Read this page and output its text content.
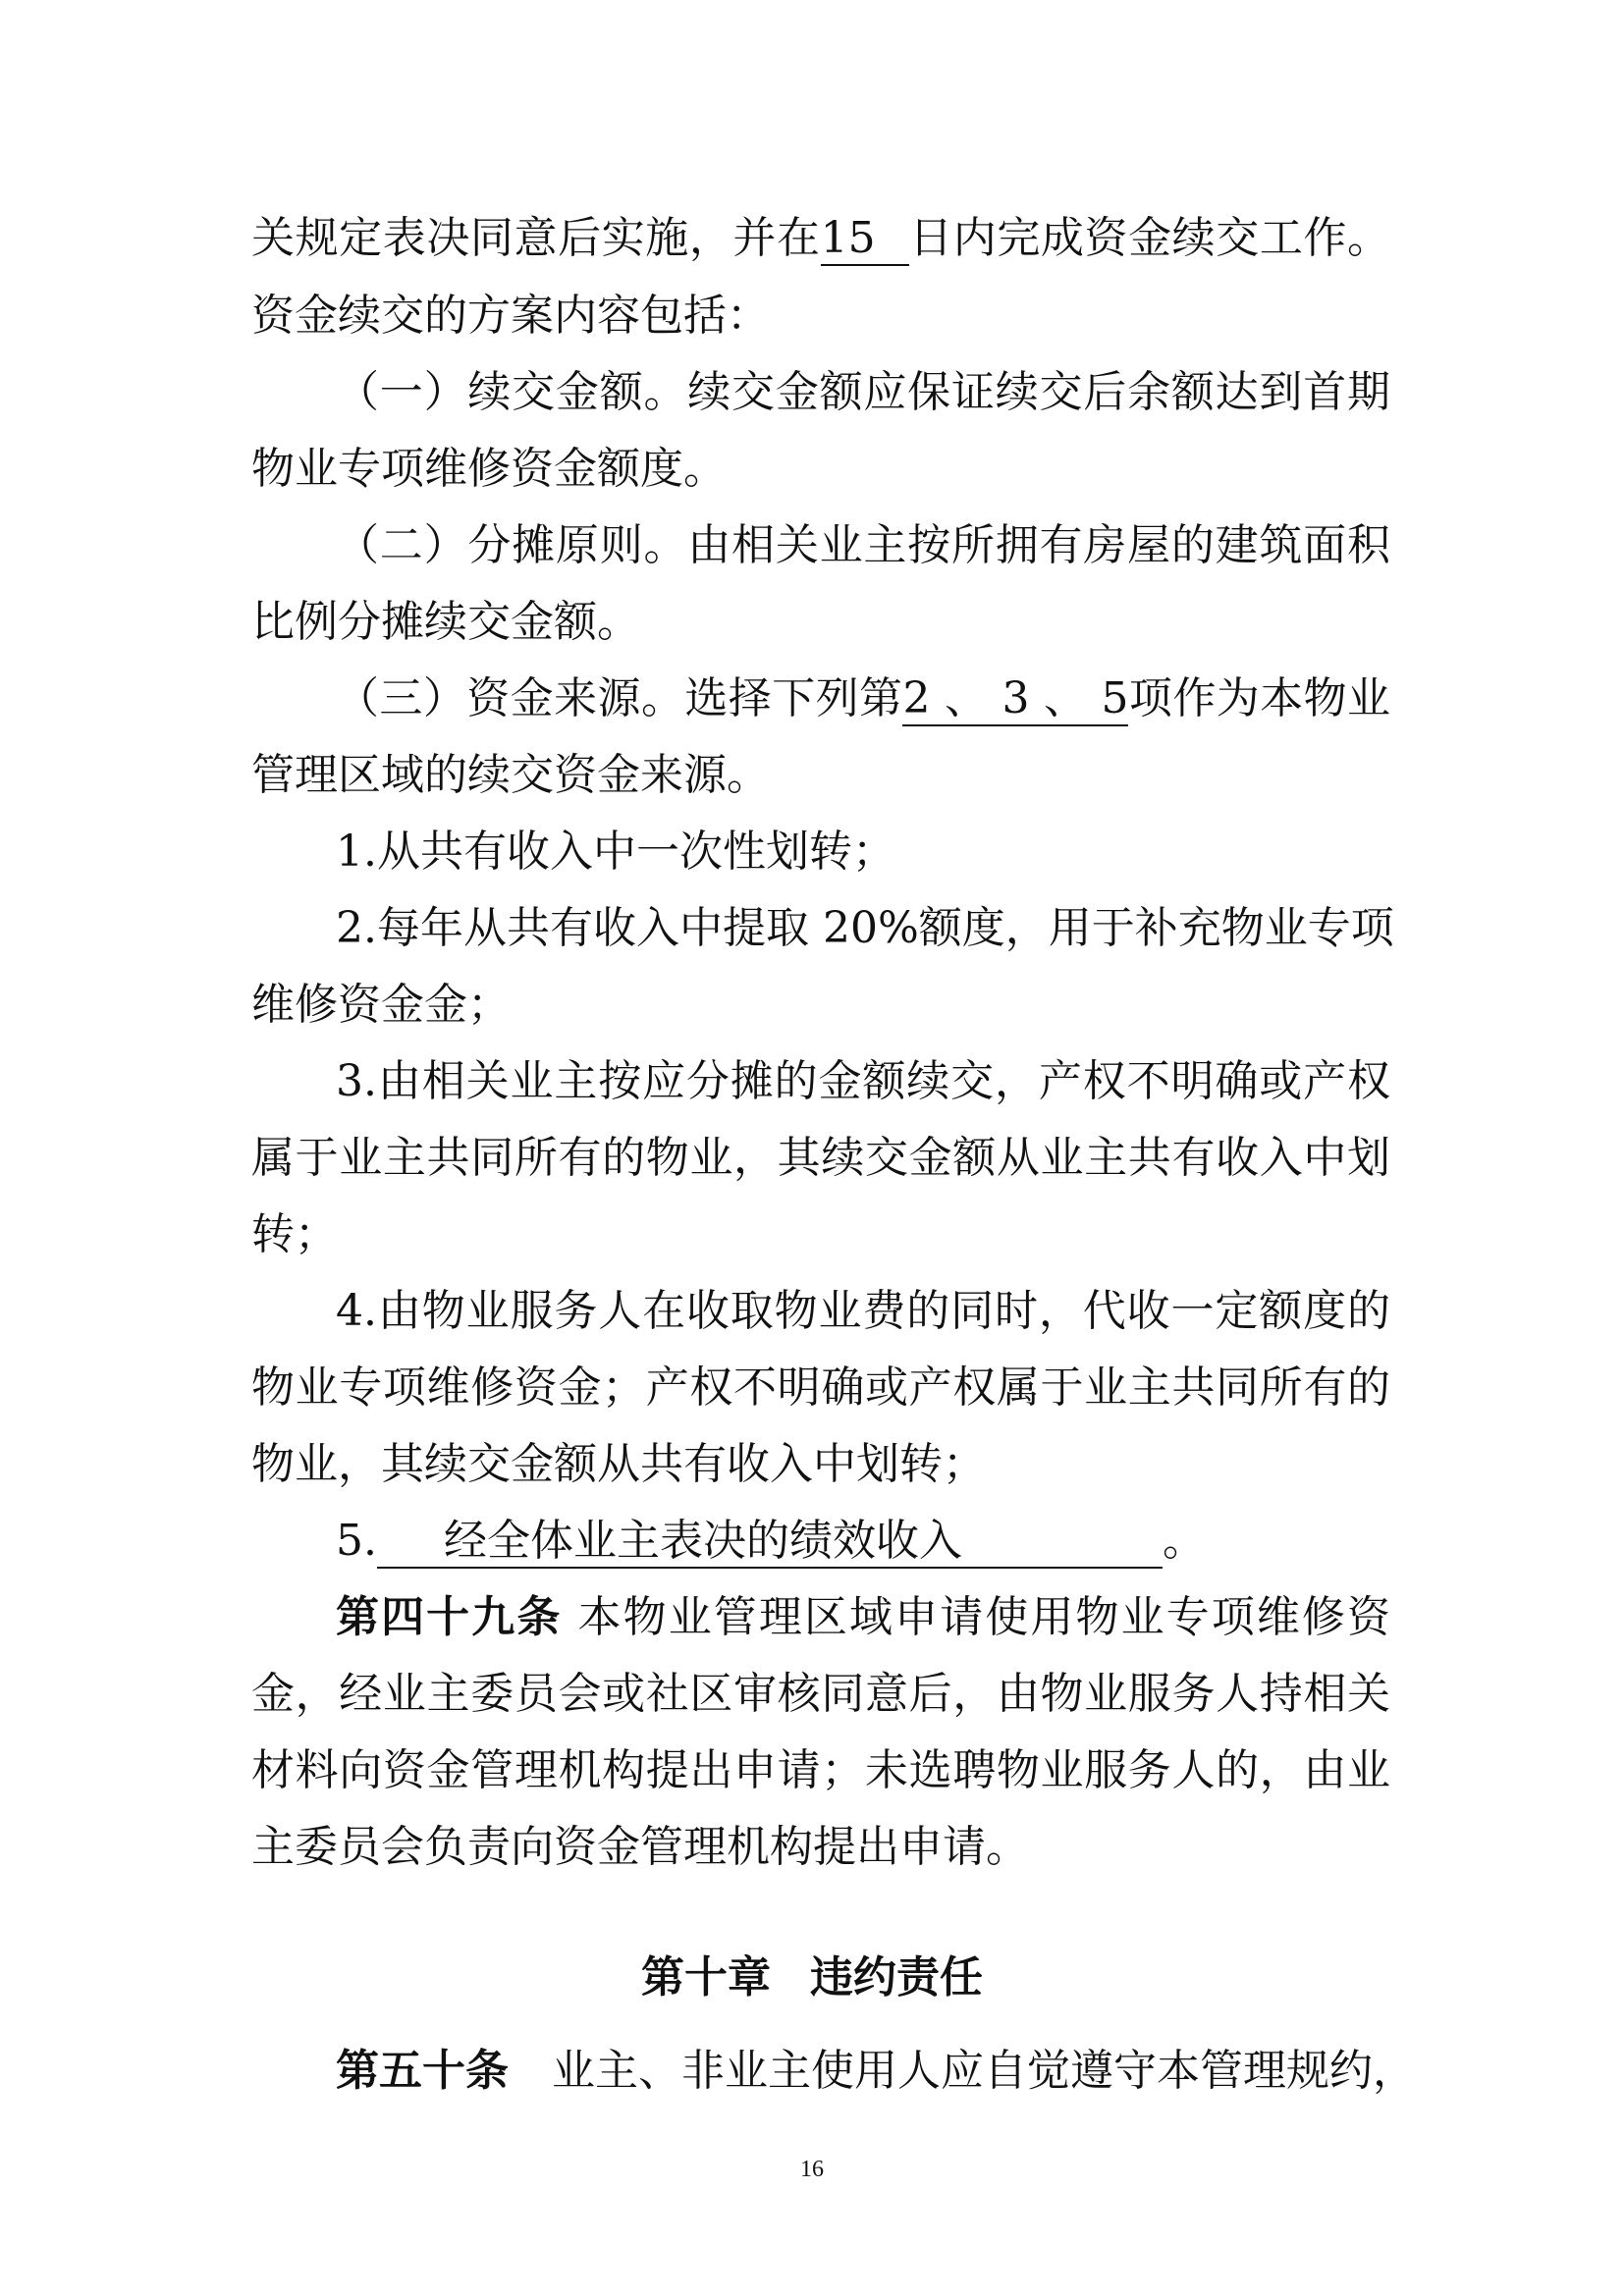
关规定表决同意后实施，并在15 日内完成资金续交工作。
资金续交的方案内容包括：
（一）续交金额。续交金额应保证续交后余额达到首期
物业专项维修资金额度。
（二）分摊原则。由相关业主按所拥有房屋的建筑面积
比例分摊续交金额。
（三）资金来源。选择下列第2、3、5项作为本物业
管理区域的续交资金来源。
1.从共有收入中一次性划转；
2.每年从共有收入中提取 20%额度，用于补充物业专项
维修资金金；
3.由相关业主按应分摊的金额续交，产权不明确或产权
属于业主共同所有的物业，其续交金额从业主共有收入中划
转；
4.由物业服务人在收取物业费的同时，代收一定额度的
物业专项维修资金；产权不明确或产权属于业主共同所有的
物业，其续交金额从共有收入中划转；
5. 经全体业主表决的绩效收入	。
第四十九条 本物业管理区域申请使用物业专项维修资
金，经业主委员会或社区审核同意后，由物业服务人持相关
材料向资金管理机构提出申请；未选聘物业服务人的，由业
主委员会负责向资金管理机构提出申请。
第十章 违约责任
第五十条 业主、非业主使用人应自觉遵守本管理规约，
16
